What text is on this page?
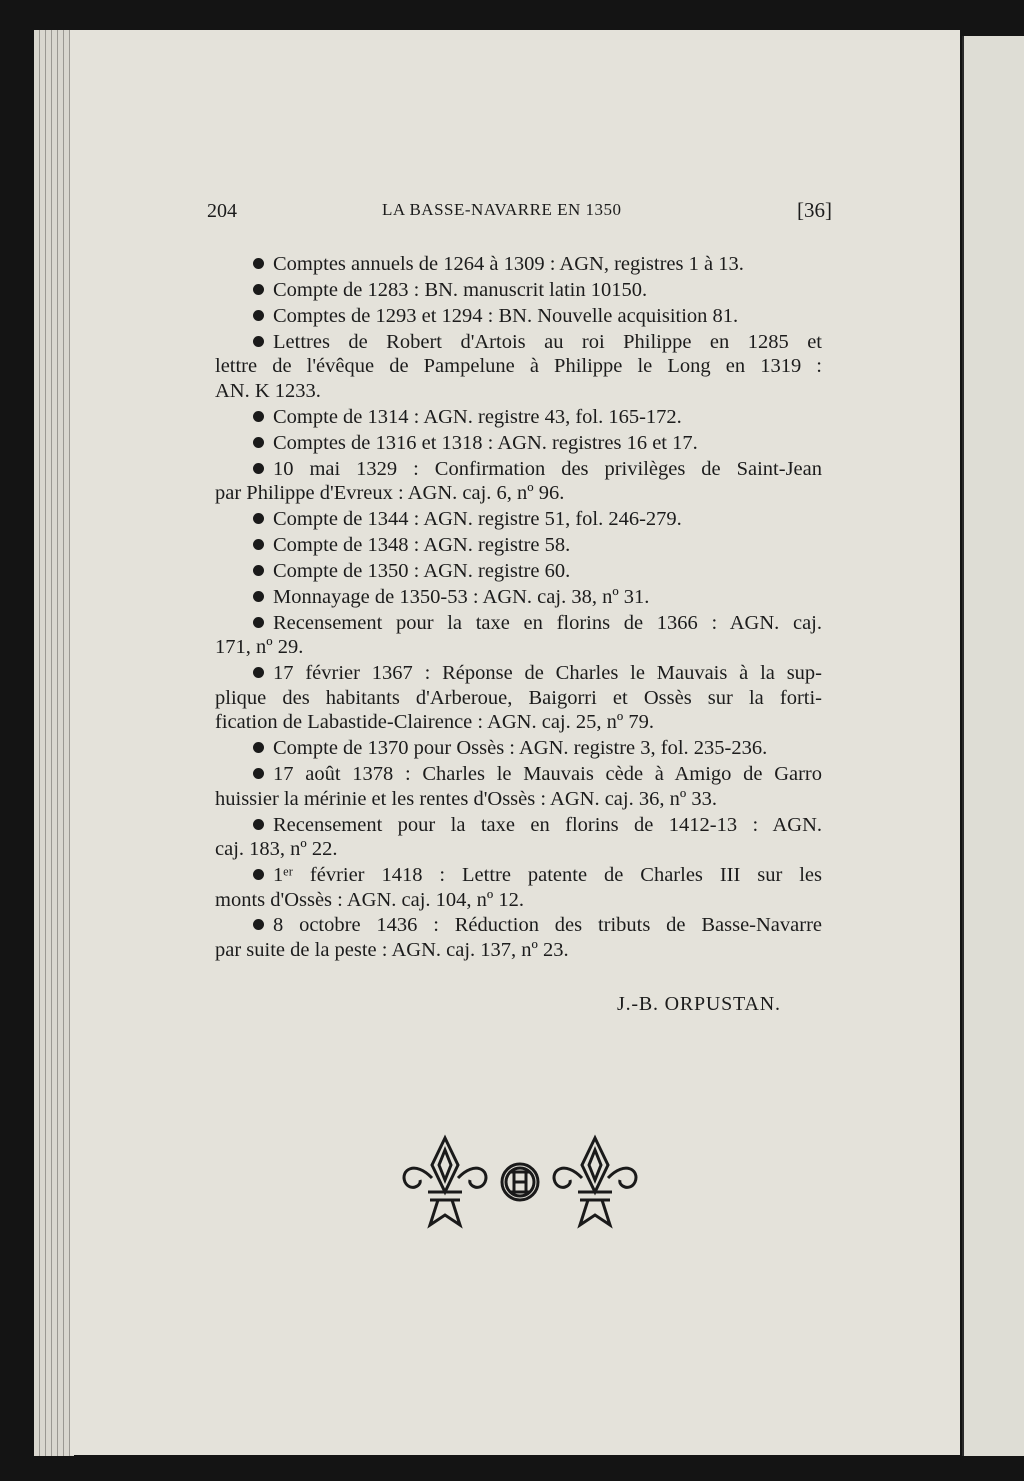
204	LA BASSE-NAVARRE EN 1350	[36]
Comptes annuels de 1264 à 1309 : AGN, registres 1 à 13.
Compte de 1283 : BN. manuscrit latin 10150.
Comptes de 1293 et 1294 : BN. Nouvelle acquisition 81.
Lettres de Robert d'Artois au roi Philippe en 1285 et
lettre de l'évêque de Pampelune à Philippe le Long en 1319 :
AN. K 1233.
Compte de 1314 : AGN. registre 43, fol. 165-172.
Comptes de 1316 et 1318 : AGN. registres 16 et 17.
10 mai 1329 : Confirmation des privilèges de Saint-Jean
par Philippe d'Evreux : AGN. caj. 6, nº 96.
Compte de 1344 : AGN. registre 51, fol. 246-279.
Compte de 1348 : AGN. registre 58.
Compte de 1350 : AGN. registre 60.
Monnayage de 1350-53 : AGN. caj. 38, nº 31.
Recensement pour la taxe en florins de 1366 : AGN. caj.
171, nº 29.
17 février 1367 : Réponse de Charles le Mauvais à la sup-
plique des habitants d'Arberoue, Baigorri et Ossès sur la forti-
fication de Labastide-Clairence : AGN. caj. 25, nº 79.
Compte de 1370 pour Ossès : AGN. registre 3, fol. 235-236.
17 août 1378 : Charles le Mauvais cède à Amigo de Garro
huissier la mérinie et les rentes d'Ossès : AGN. caj. 36, nº 33.
Recensement pour la taxe en florins de 1412-13 : AGN.
caj. 183, nº 22.
1ᵉʳ février 1418 : Lettre patente de Charles III sur les
monts d'Ossès : AGN. caj. 104, nº 12.
8 octobre 1436 : Réduction des tributs de Basse-Navarre
par suite de la peste : AGN. caj. 137, nº 23.
J.-B. ORPUSTAN.
